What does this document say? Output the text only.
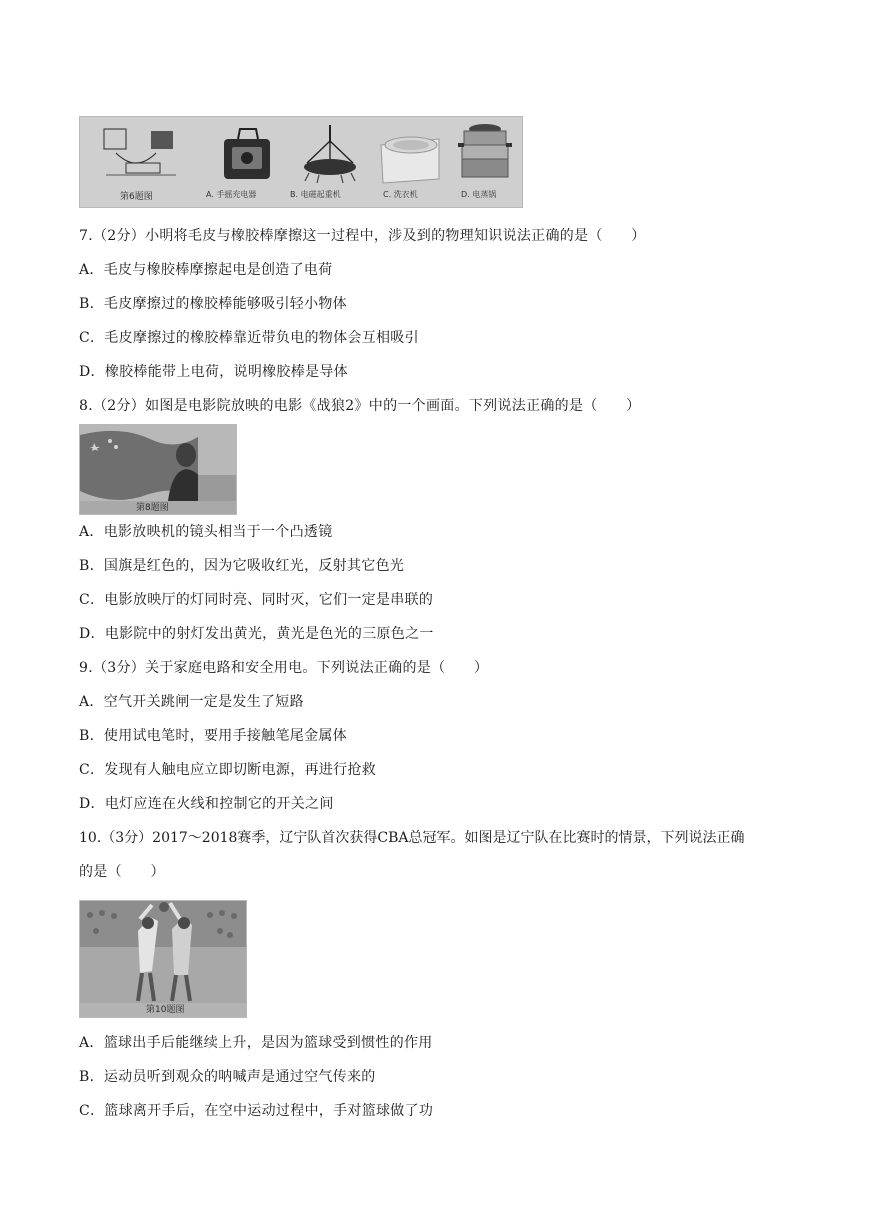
第6题图	A. 手摇充电器	B. 电磁起重机	C. 洗衣机	D. 电蒸锅
7.（2分）小明将毛皮与橡胶棒摩擦这一过程中，涉及到的物理知识说法正确的是（　　）
A．毛皮与橡胶棒摩擦起电是创造了电荷
B．毛皮摩擦过的橡胶棒能够吸引轻小物体
C．毛皮摩擦过的橡胶棒靠近带负电的物体会互相吸引
D．橡胶棒能带上电荷，说明橡胶棒是导体
8.（2分）如图是电影院放映的电影《战狼2》中的一个画面。下列说法正确的是（　　）
第8题图
A．电影放映机的镜头相当于一个凸透镜
B．国旗是红色的，因为它吸收红光，反射其它色光
C．电影放映厅的灯同时亮、同时灭，它们一定是串联的
D．电影院中的射灯发出黄光，黄光是色光的三原色之一
9.（3分）关于家庭电路和安全用电。下列说法正确的是（　　）
A．空气开关跳闸一定是发生了短路
B．使用试电笔时，要用手接触笔尾金属体
C．发现有人触电应立即切断电源，再进行抢救
D．电灯应连在火线和控制它的开关之间
10.（3分）2017～2018赛季，辽宁队首次获得CBA总冠军。如图是辽宁队在比赛时的情景，下列说法正确
的是（　　）
第10题图
A．篮球出手后能继续上升，是因为篮球受到惯性的作用
B．运动员听到观众的呐喊声是通过空气传来的
C．篮球离开手后，在空中运动过程中，手对篮球做了功
